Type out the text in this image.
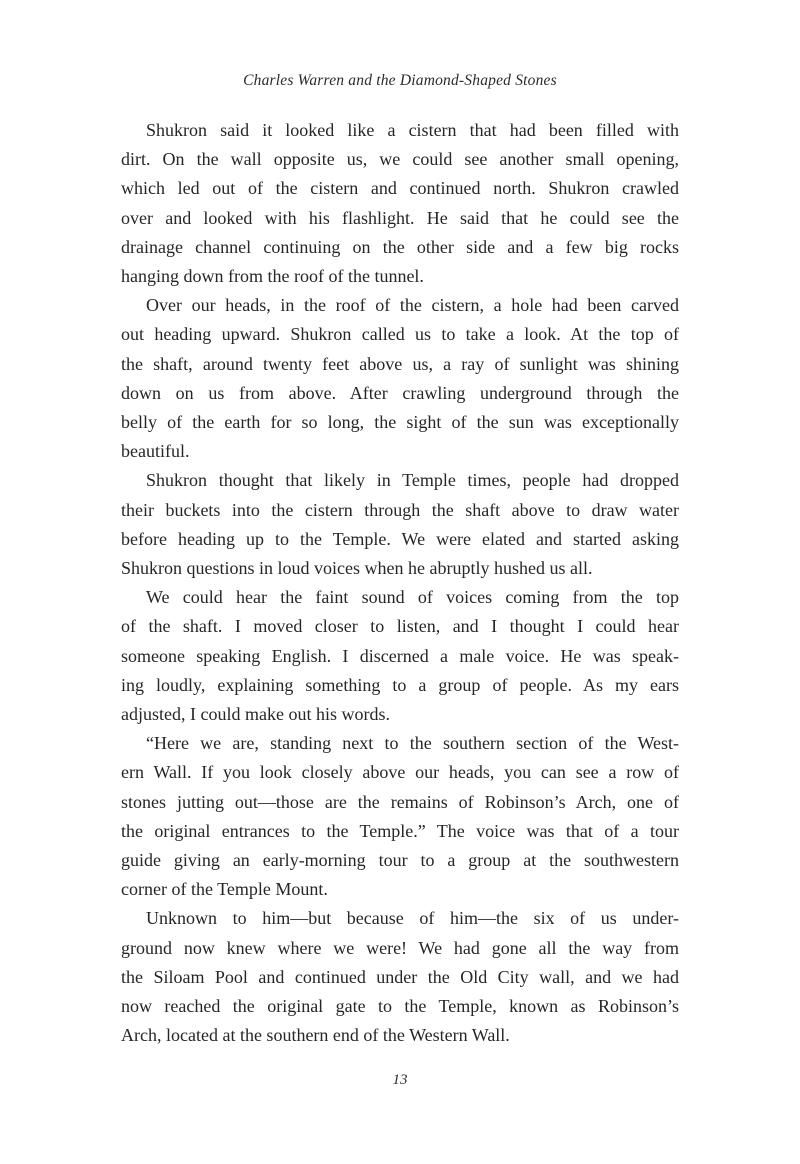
Charles Warren and the Diamond-Shaped Stones

Shukron said it looked like a cistern that had been filled with
dirt. On the wall opposite us, we could see another small opening,
which led out of the cistern and continued north. Shukron crawled
over and looked with his flashlight. He said that he could see the
drainage channel continuing on the other side and a few big rocks
hanging down from the roof of the tunnel.

Over our heads, in the roof of the cistern, a hole had been carved
out heading upward. Shukron called us to take a look. At the top of
the shaft, around twenty feet above us, a ray of sunlight was shining
down on us from above. After crawling underground through the
belly of the earth for so long, the sight of the sun was exceptionally
beautiful.

Shukron thought that likely in Temple times, people had dropped
their buckets into the cistern through the shaft above to draw water
before heading up to the Temple. We were elated and started asking
Shukron questions in loud voices when he abruptly hushed us all.

We could hear the faint sound of voices coming from the top
of the shaft. I moved closer to listen, and I thought I could hear
someone speaking English. I discerned a male voice. He was speak-
ing loudly, explaining something to a group of people. As my ears
adjusted, I could make out his words.

“Here we are, standing next to the southern section of the West-
ern Wall. If you look closely above our heads, you can see a row of
stones jutting out—those are the remains of Robinson’s Arch, one of
the original entrances to the Temple.” The voice was that of a tour
guide giving an early-morning tour to a group at the southwestern
corner of the Temple Mount.

Unknown to him—but because of him—the six of us under-
ground now knew where we were! We had gone all the way from
the Siloam Pool and continued under the Old City wall, and we had
now reached the original gate to the Temple, known as Robinson’s
Arch, located at the southern end of the Western Wall.

13
